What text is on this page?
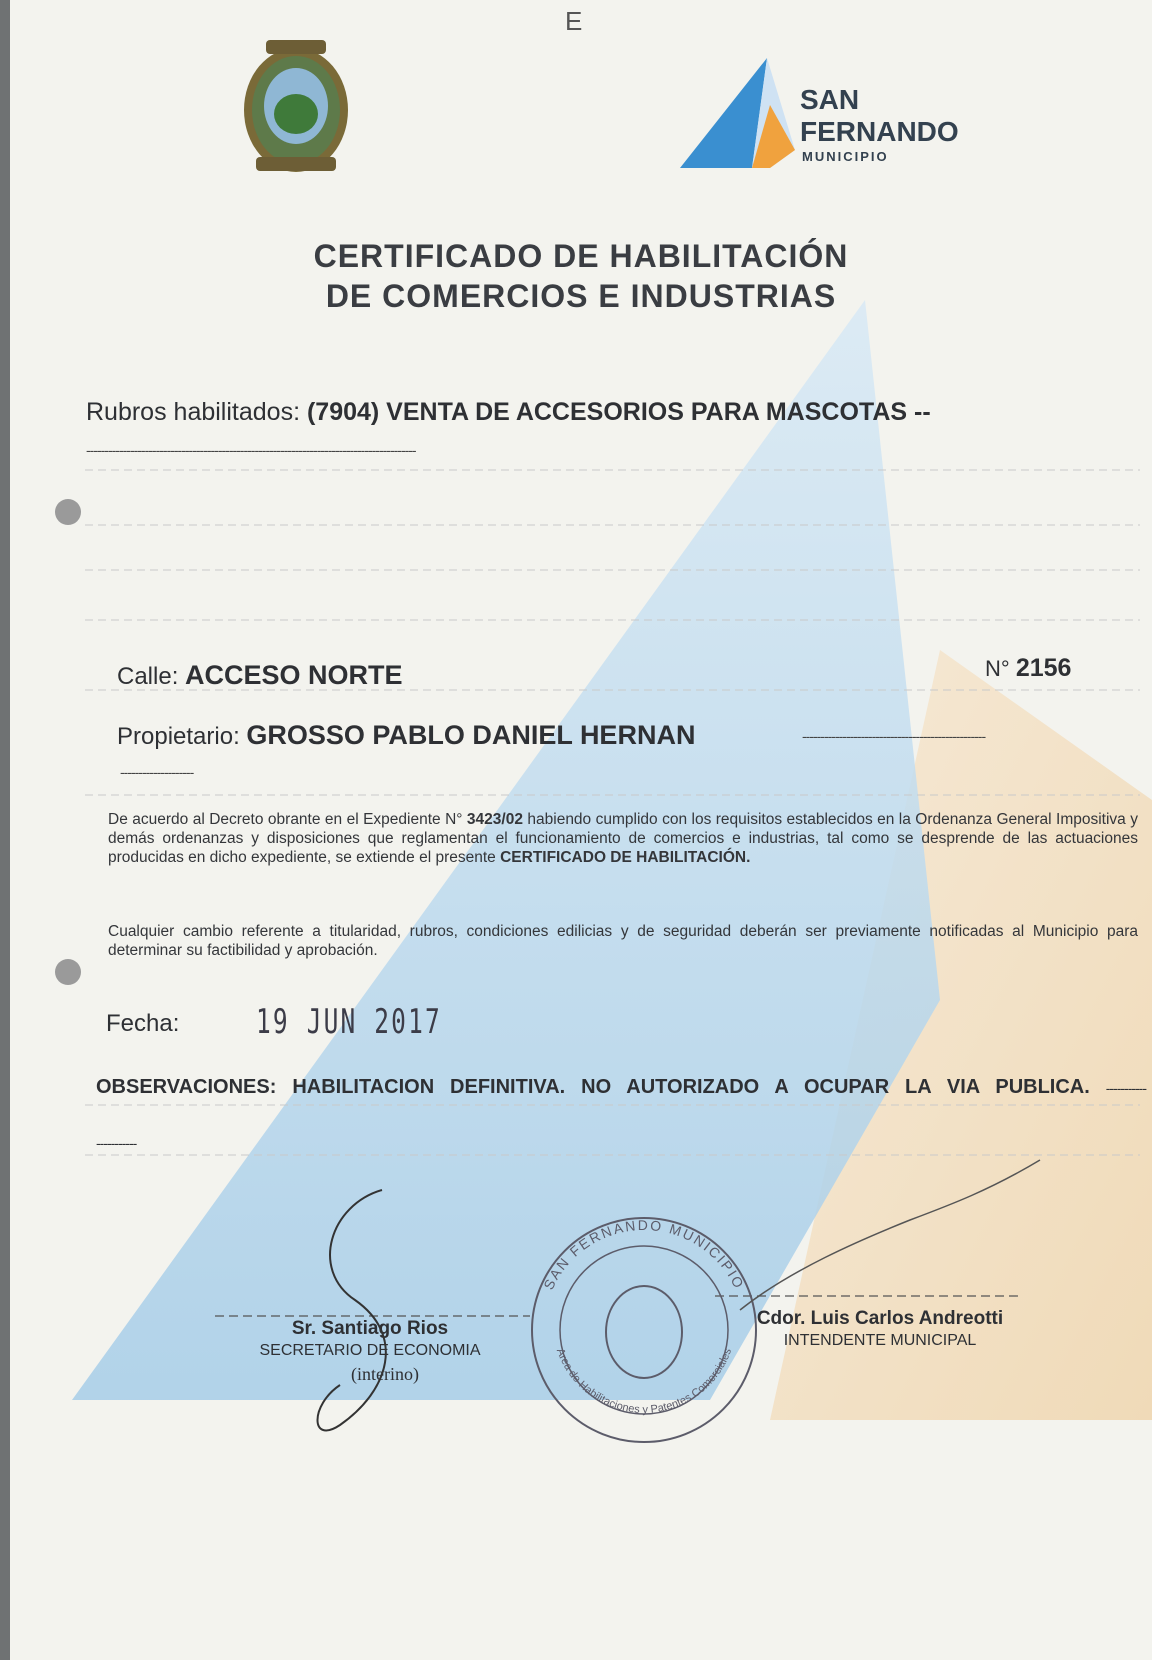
SAN
FERNANDO
MUNICIPIO
E
CERTIFICADO DE HABILITACIÓN
DE COMERCIOS E INDUSTRIAS
Rubros habilitados: (7904) VENTA DE ACCESORIOS PARA MASCOTAS --
------------------------------------------------------------------------------------------
Calle: ACCESO NORTE	N° 2156
Propietario: GROSSO PABLO DANIEL HERNAN	--------------------------------------------------
--------------------
De acuerdo al Decreto obrante en el Expediente N° 3423/02 habiendo cumplido con los requisitos establecidos en la Ordenanza General Impositiva y demás ordenanzas y disposiciones que reglamentan el funcionamiento de comercios e industrias, tal como se desprende de las actuaciones producidas en dicho expediente, se extiende el presente CERTIFICADO DE HABILITACIÓN.
Cualquier cambio referente a titularidad, rubros, condiciones edilicias y de seguridad deberán ser previamente notificadas al Municipio para determinar su factibilidad y aprobación.
Fecha: 19 JUN 2017
OBSERVACIONES: HABILITACION DEFINITIVA. NO AUTORIZADO A OCUPAR LA VIA PUBLICA. ----------------------
Sr. Santiago Rios
SECRETARIO DE ECONOMIA
(interino)
Cdor. Luis Carlos Andreotti
INTENDENTE MUNICIPAL
SAN FERNANDO MUNICIPIO
Area de Habilitaciones y Patentes Comerciales
